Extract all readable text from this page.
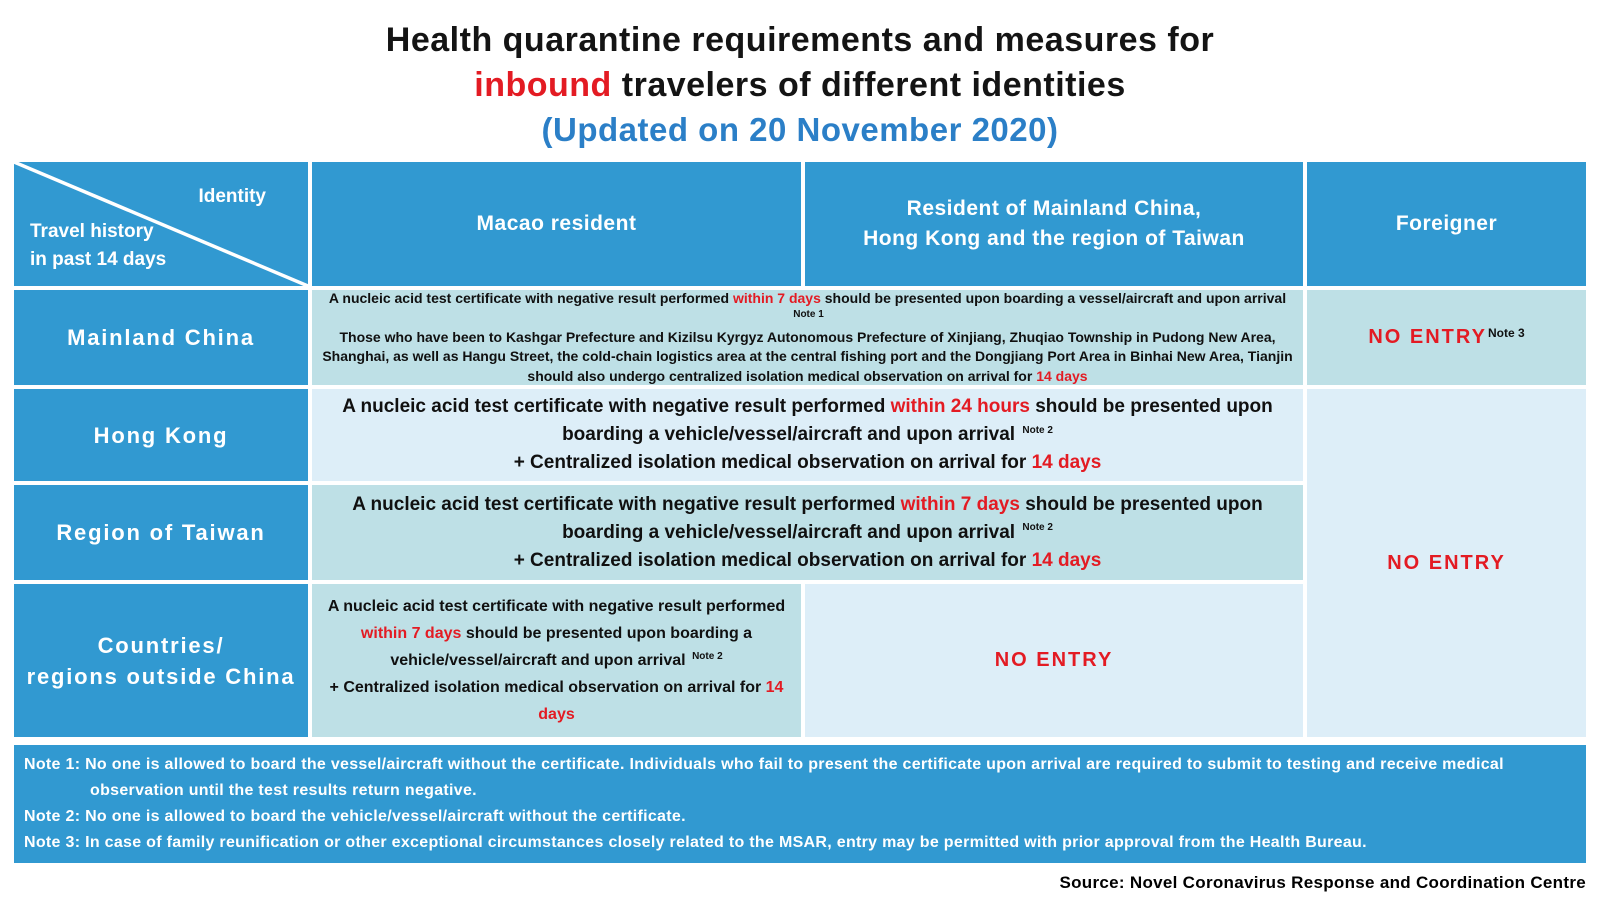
Health quarantine requirements and measures for
inbound travelers of different identities
(Updated on 20 November 2020)
Identity
Travel history
in past 14 days
Macao resident
Resident of Mainland China,
Hong Kong and the region of Taiwan
Foreigner
Mainland China
A nucleic acid test certificate with negative result performed within 7 days should be presented upon boarding a vessel/aircraft and upon arrival $^{Note 1}$
Those who have been to Kashgar Prefecture and Kizilsu Kyrgyz Autonomous Prefecture of Xinjiang, Zhuqiao Township in Pudong New Area, Shanghai, as well as Hangu Street, the cold-chain logistics area at the central fishing port and the Dongjiang Port Area in Binhai New Area, Tianjin should also undergo centralized isolation medical observation on arrival for 14 days
NO $ENTRY^{Note 3}$
Hong Kong
A nucleic acid test certificate with negative result performed within 24 hours should be presented upon boarding a vehicle/vessel/aircraft and upon arrival $^{Note 2}$
+ Centralized isolation medical observation on arrival for 14 days
NO ENTRY
Region of Taiwan
A nucleic acid test certificate with negative result performed within 7 days should be presented upon boarding a vehicle/vessel/aircraft and upon arrival $^{Note 2}$
+ Centralized isolation medical observation on arrival for 14 days
Countries/
regions outside China
A nucleic acid test certificate with negative result performed within 7 days should be presented upon boarding a vehicle/vessel/aircraft and upon arrival $^{Note 2}$
+ Centralized isolation medical observation on arrival for 14 days
NO ENTRY
Note 1: No one is allowed to board the vessel/aircraft without the certificate. Individuals who fail to present the certificate upon arrival are required to submit to testing and receive medical observation until the test results return negative.
Note 2: No one is allowed to board the vehicle/vessel/aircraft without the certificate.
Note 3: In case of family reunification or other exceptional circumstances closely related to the MSAR, entry may be permitted with prior approval from the Health Bureau.
Source: Novel Coronavirus Response and Coordination Centre
